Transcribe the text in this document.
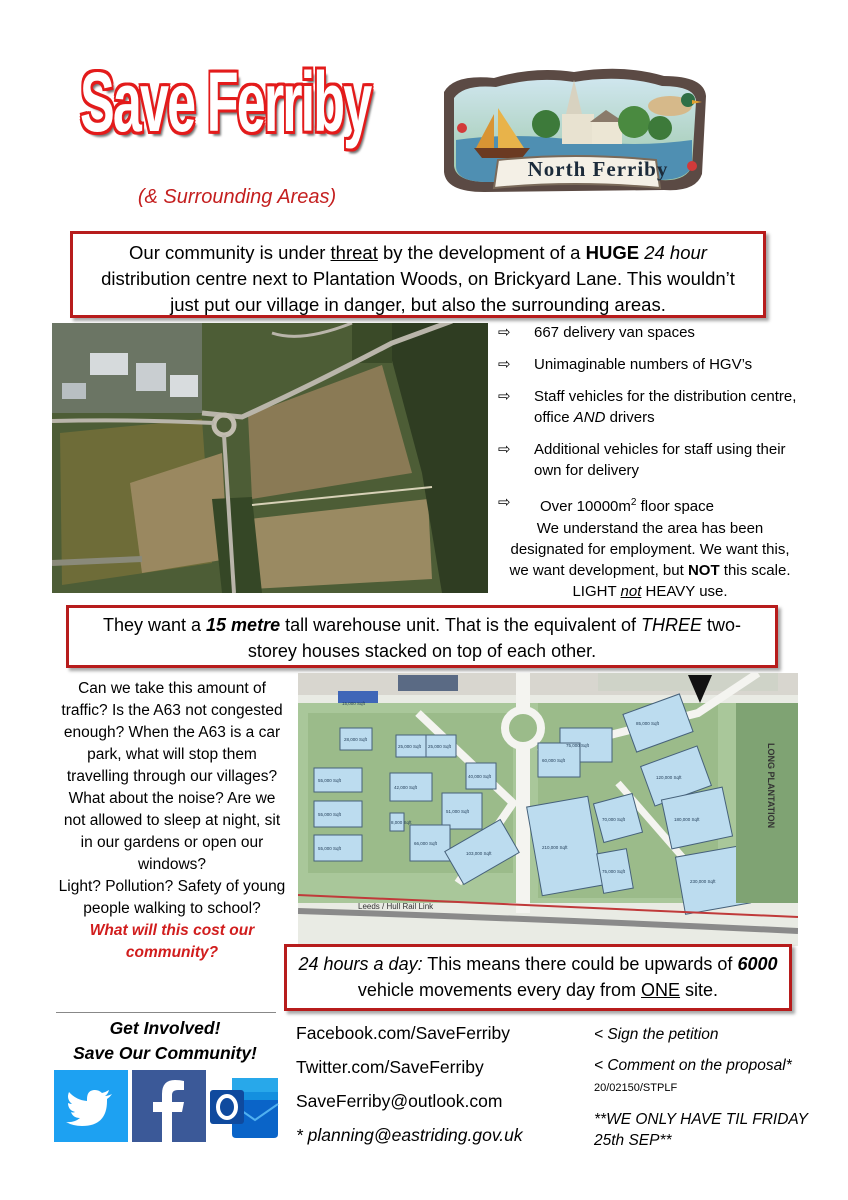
Save Ferriby
(& Surrounding Areas)
North Ferriby
Our community is under threat by the development of a HUGE 24 hour distribution centre next to Plantation Woods, on Brickyard Lane. This wouldn’t just put our village in danger, but also the surrounding areas.
⇨ 667 delivery van spaces
⇨ Unimaginable numbers of HGV’s
⇨ Staff vehicles for the distribution centre, office AND drivers
⇨ Additional vehicles for staff using their own for delivery
⇨ Over $10000m^2$ floor space
We understand the area has been designated for employment. We want this, we want development, but NOT this scale. LIGHT not HEAVY use.
They want a 15 metre tall warehouse unit. That is the equivalent of THREE two-storey houses stacked on top of each other.
Can we take this amount of traffic? Is the A63 not congested enough? When the A63 is a car park, what will stop them travelling through our villages?
What about the noise? Are we not allowed to sleep at night, sit in our gardens or open our windows?
Light? Pollution? Safety of young people walking to school?
What will this cost our community?
15,000 Sqft
28,000 Sqft
25,000 Sqft 25,000 Sqft
55,000 Sqft
42,000 Sqft
40,000 Sqft
55,000 Sqft
51,000 Sqft
8,000 Sqft
55,000 Sqft
66,000 Sqft
103,000 Sqft
85,000 Sqft
75,000 Sqft
60,000 Sqft
120,000 Sqft
210,000 Sqft
70,000 Sqft	180,000 Sqft
75,000 Sqft
230,000 Sqft
Leeds / Hull Rail Link
LONG PLANTATION
24 hours a day: This means there could be upwards of 6000 vehicle movements every day from ONE site.
Get Involved!
Save Our Community!
Facebook.com/SaveFerriby
Twitter.com/SaveFerriby
SaveFerriby@outlook.com
* planning@eastriding.gov.uk
< Sign the petition
< Comment on the proposal* 20/02150/STPLF
**WE ONLY HAVE TIL FRIDAY 25th SEP**
